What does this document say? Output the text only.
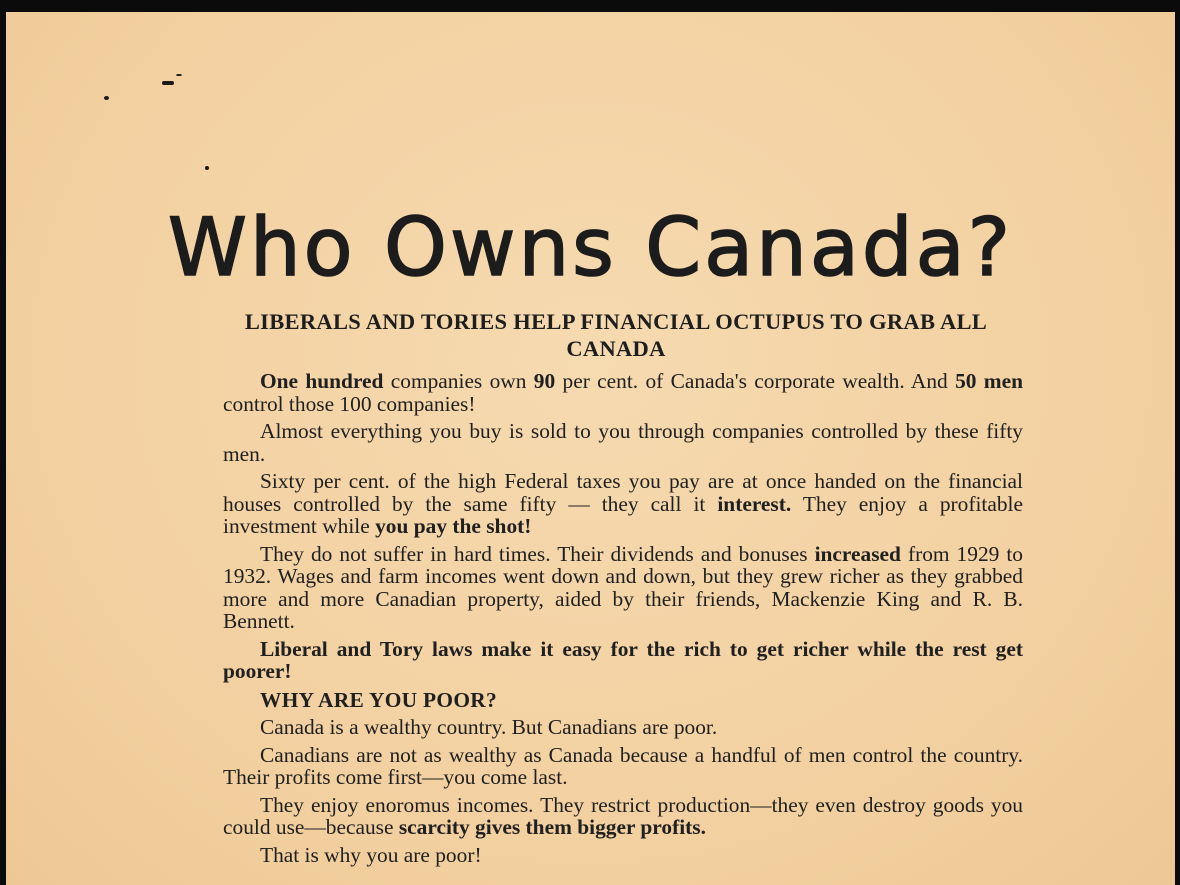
Who Owns Canada?
LIBERALS AND TORIES HELP FINANCIAL OCTUPUS TO GRAB ALL CANADA

One hundred companies own 90 per cent. of Canada's corporate wealth. And 50 men control those 100 companies!

Almost everything you buy is sold to you through companies controlled by these fifty men.

Sixty per cent. of the high Federal taxes you pay are at once handed on the financial houses controlled by the same fifty — they call it interest. They enjoy a profitable investment while you pay the shot!

They do not suffer in hard times. Their dividends and bonuses increased from 1929 to 1932. Wages and farm incomes went down and down, but they grew richer as they grabbed more and more Canadian property, aided by their friends, Mackenzie King and R. B. Bennett.

Liberal and Tory laws make it easy for the rich to get richer while the rest get poorer!

WHY ARE YOU POOR?

Canada is a wealthy country. But Canadians are poor.

Canadians are not as wealthy as Canada because a handful of men control the country. Their profits come first—you come last.

They enjoy enoromus incomes. They restrict production—they even destroy goods you could use—because scarcity gives them bigger profits.

That is why you are poor!
